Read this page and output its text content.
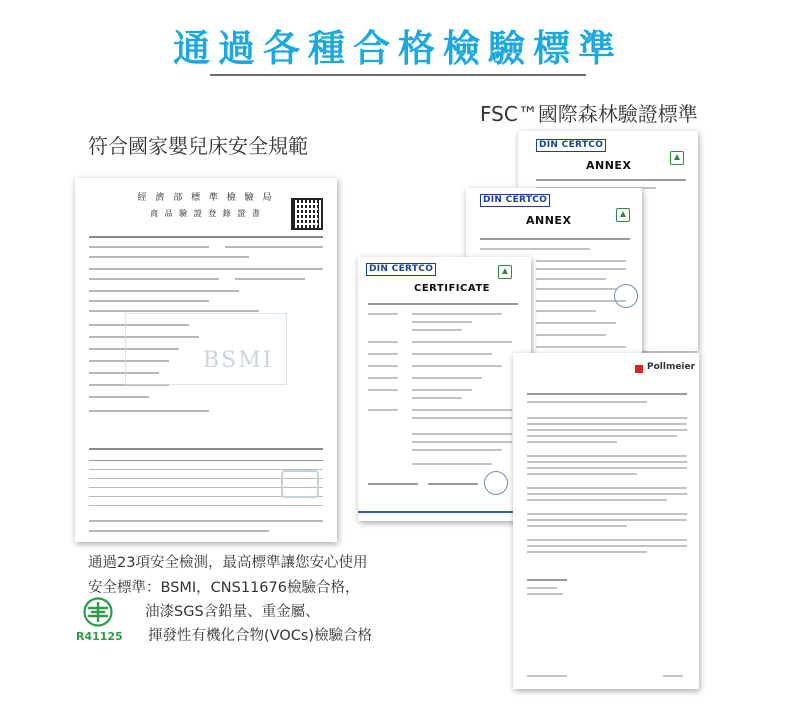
通過各種合格檢驗標準
FSC™國際森林驗證標準
符合國家嬰兒床安全規範
經 濟 部 標 準 檢 驗 局
商 品 驗 證 登 錄 證 書
BSMI
DIN CERTCO
ANNEX
DIN CERTCO
ANNEX
DIN CERTCO
CERTIFICATE
Pollmeier
通過23項安全檢測，最高標準讓您安心使用
安全標準：BSMI，CNS11676檢驗合格，
油漆SGS含鉛量、重金屬、
揮發性有機化合物(VOCs)檢驗合格
R41125
